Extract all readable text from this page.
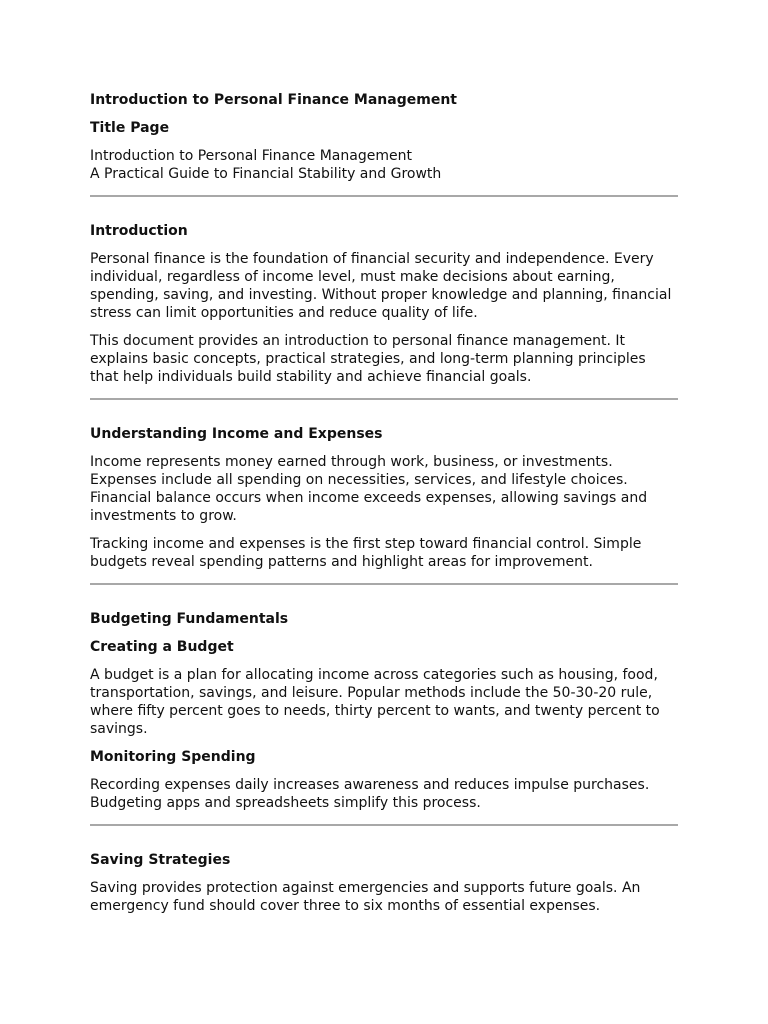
Introduction to Personal Finance Management
Title Page
Introduction to Personal Finance Management
A Practical Guide to Financial Stability and Growth
Introduction

Personal finance is the foundation of financial security and independence. Every individual, regardless of income level, must make decisions about earning, spending, saving, and investing. Without proper knowledge and planning, financial stress can limit opportunities and reduce quality of life.

This document provides an introduction to personal finance management. It explains basic concepts, practical strategies, and long-term planning principles that help individuals build stability and achieve financial goals.

Understanding Income and Expenses

Income represents money earned through work, business, or investments. Expenses include all spending on necessities, services, and lifestyle choices. Financial balance occurs when income exceeds expenses, allowing savings and investments to grow.

Tracking income and expenses is the first step toward financial control. Simple budgets reveal spending patterns and highlight areas for improvement.

Budgeting Fundamentals
Creating a Budget

A budget is a plan for allocating income across categories such as housing, food, transportation, savings, and leisure. Popular methods include the 50-30-20 rule, where fifty percent goes to needs, thirty percent to wants, and twenty percent to savings.

Monitoring Spending

Recording expenses daily increases awareness and reduces impulse purchases. Budgeting apps and spreadsheets simplify this process.

Saving Strategies

Saving provides protection against emergencies and supports future goals. An emergency fund should cover three to six months of essential expenses.
